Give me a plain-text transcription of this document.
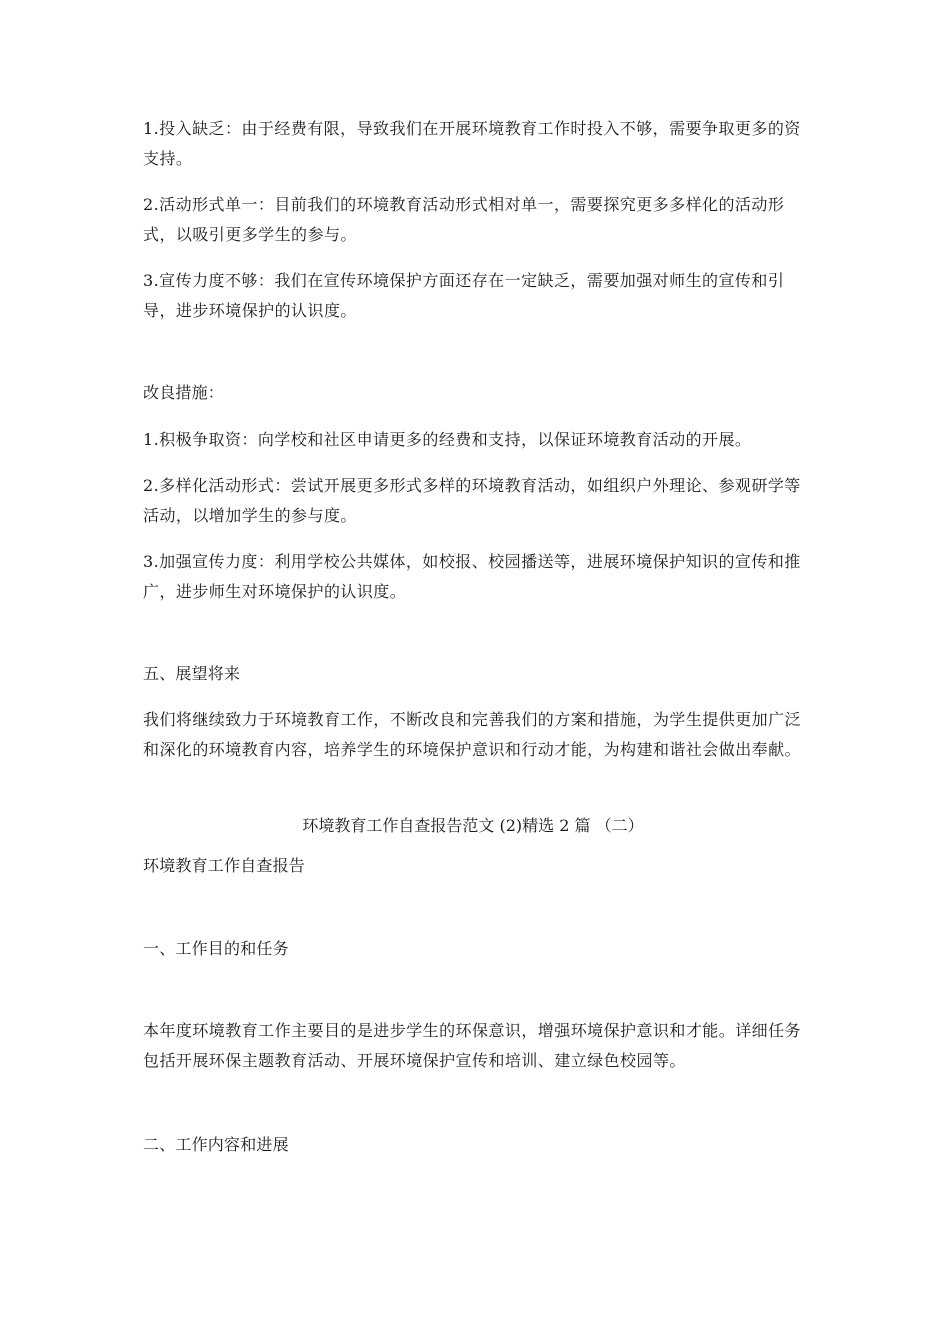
1.投入缺乏：由于经费有限，导致我们在开展环境教育工作时投入不够，需要争取更多的资支持。
2.活动形式单一：目前我们的环境教育活动形式相对单一，需要探究更多多样化的活动形式，以吸引更多学生的参与。
3.宣传力度不够：我们在宣传环境保护方面还存在一定缺乏，需要加强对师生的宣传和引导，进步环境保护的认识度。
改良措施：
1.积极争取资：向学校和社区申请更多的经费和支持，以保证环境教育活动的开展。
2.多样化活动形式：尝试开展更多形式多样的环境教育活动，如组织户外理论、参观研学等活动，以增加学生的参与度。
3.加强宣传力度：利用学校公共媒体，如校报、校园播送等，进展环境保护知识的宣传和推广，进步师生对环境保护的认识度。
五、展望将来
我们将继续致力于环境教育工作，不断改良和完善我们的方案和措施，为学生提供更加广泛和深化的环境教育内容，培养学生的环境保护意识和行动才能，为构建和谐社会做出奉献。
环境教育工作自查报告范文 (2)精选 2 篇 （二）
环境教育工作自查报告
一、工作目的和任务
本年度环境教育工作主要目的是进步学生的环保意识，增强环境保护意识和才能。详细任务包括开展环保主题教育活动、开展环境保护宣传和培训、建立绿色校园等。
二、工作内容和进展
